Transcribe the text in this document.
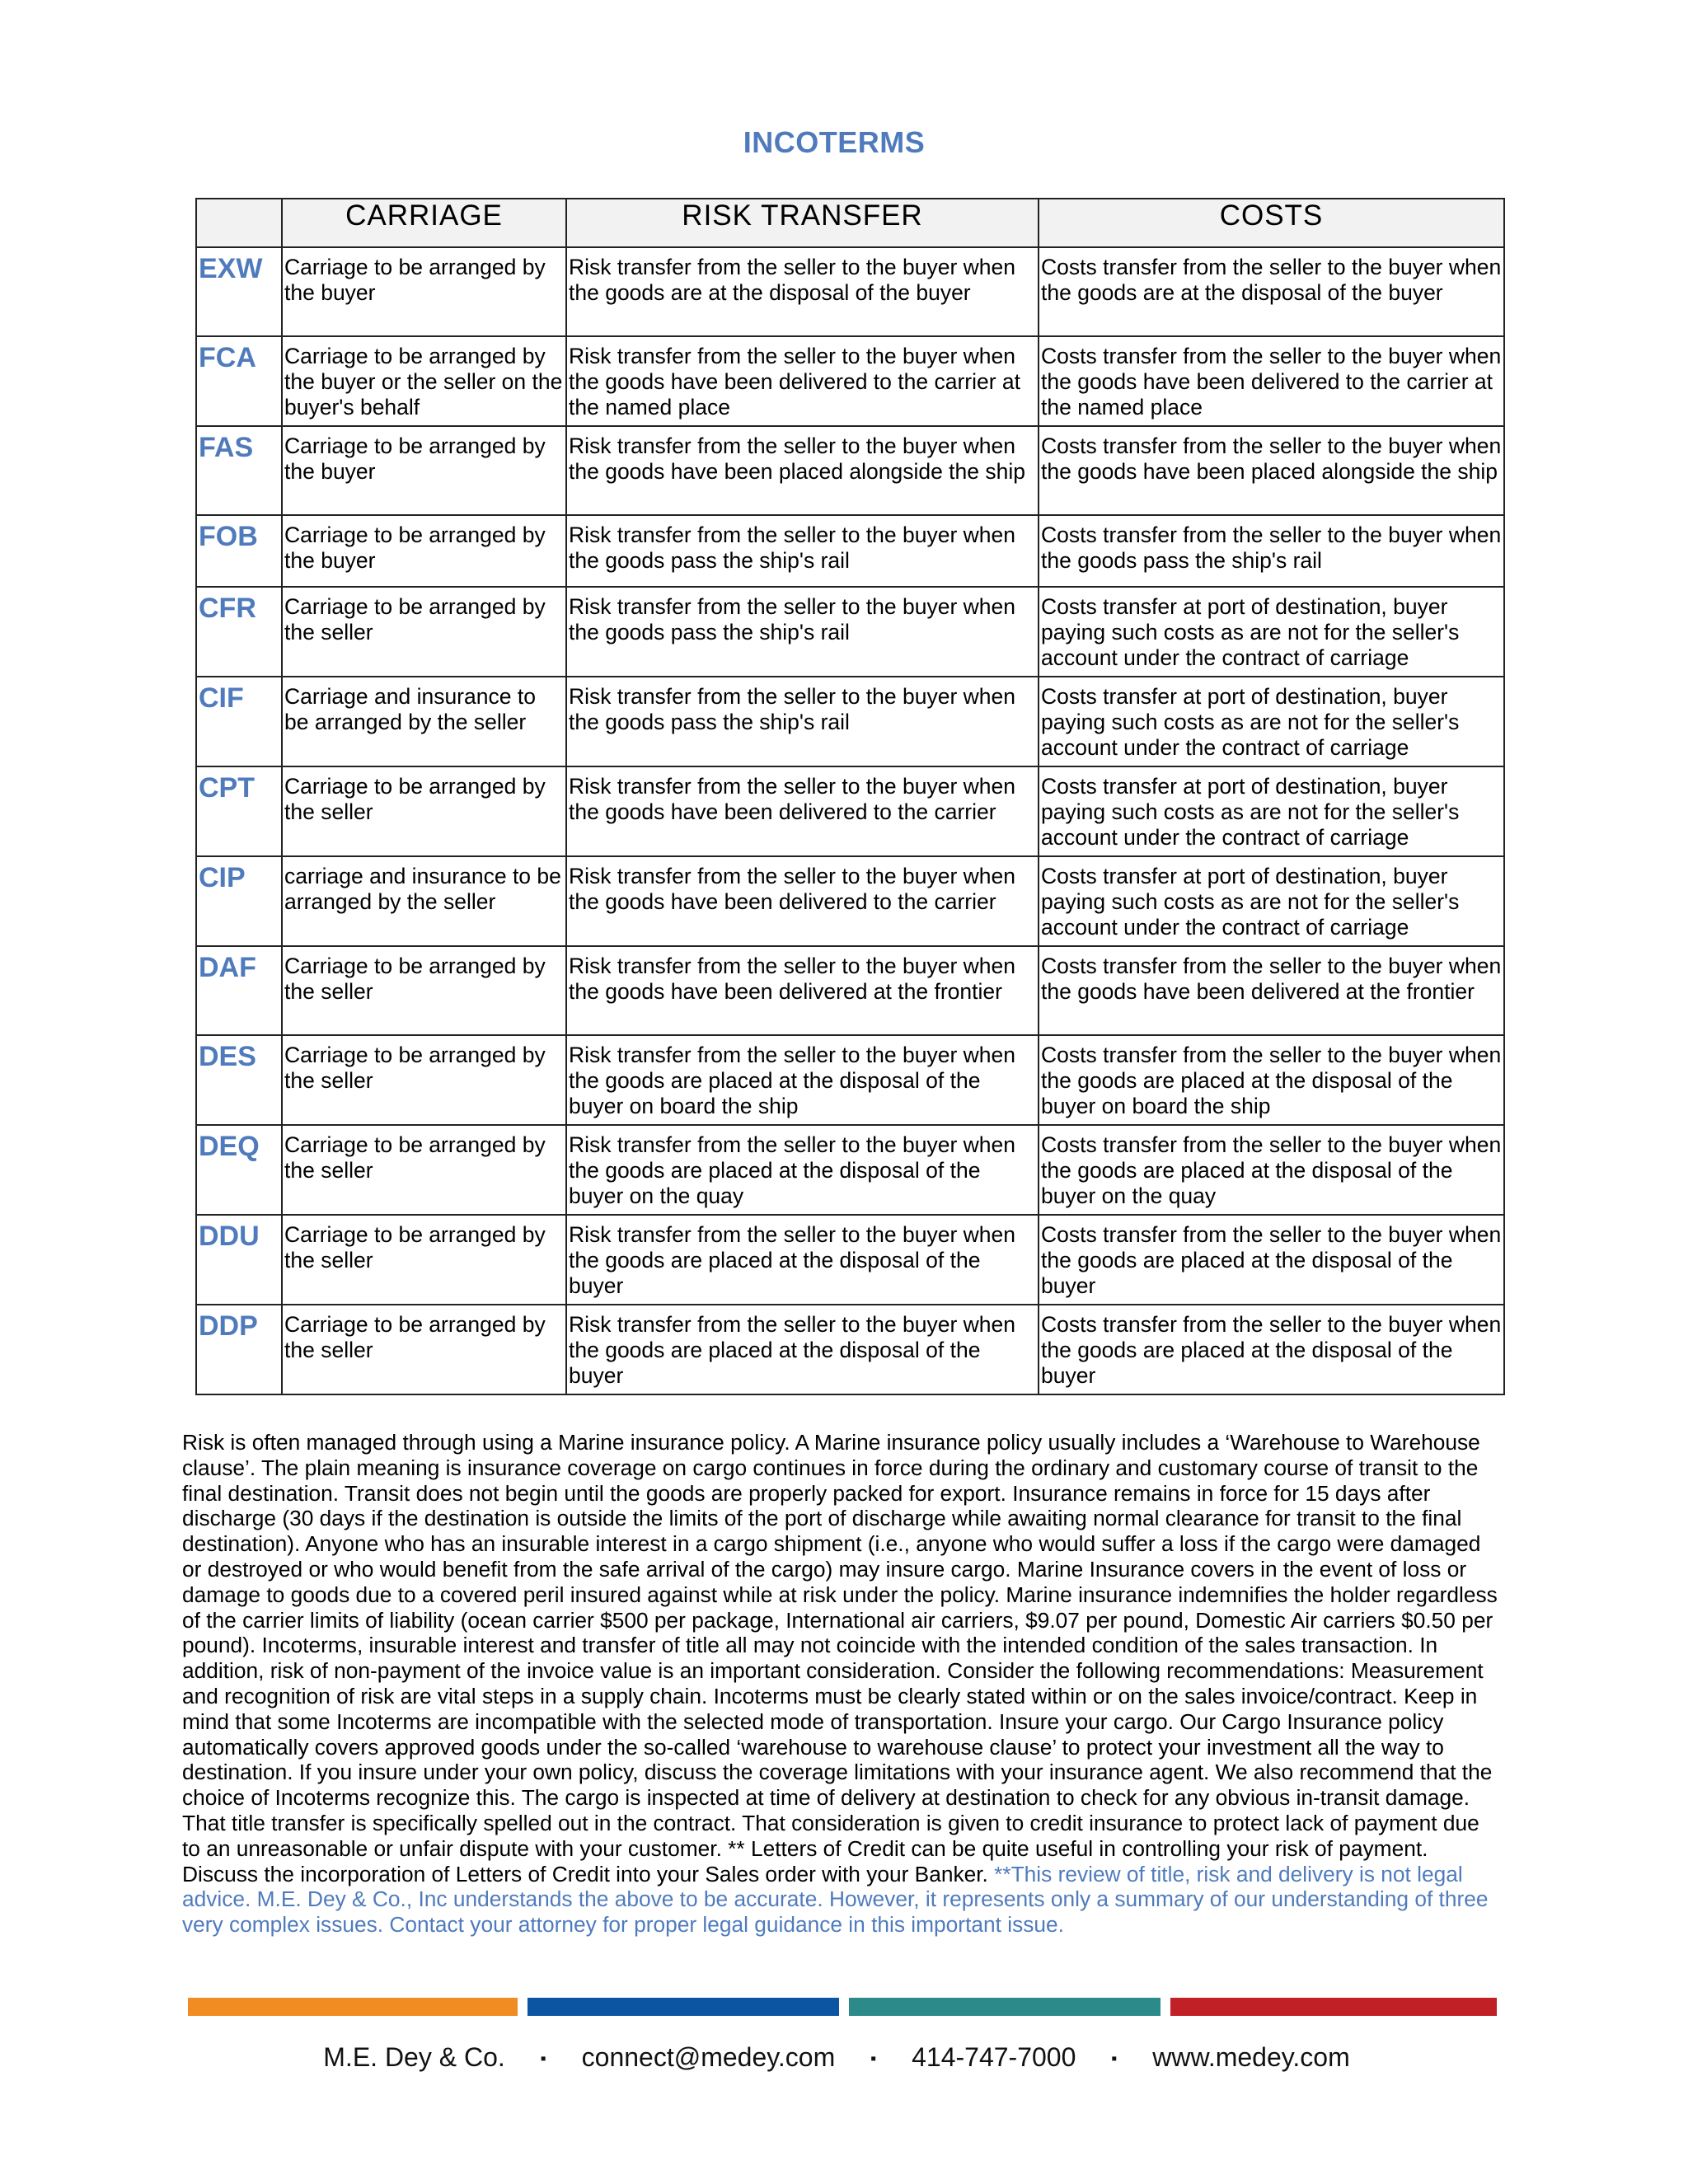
INCOTERMS
	CARRIAGE	RISK TRANSFER	COSTS
EXW	Carriage to be arranged by the buyer	Risk transfer from the seller to the buyer when the goods are at the disposal of the buyer	Costs transfer from the seller to the buyer when the goods are at the disposal of the buyer
FCA	Carriage to be arranged by the buyer or the seller on the buyer's behalf	Risk transfer from the seller to the buyer when the goods have been delivered to the carrier at the named place	Costs transfer from the seller to the buyer when the goods have been delivered to the carrier at the named place
FAS	Carriage to be arranged by the buyer	Risk transfer from the seller to the buyer when the goods have been placed alongside the ship	Costs transfer from the seller to the buyer when the goods have been placed alongside the ship
FOB	Carriage to be arranged by the buyer	Risk transfer from the seller to the buyer when the goods pass the ship's rail	Costs transfer from the seller to the buyer when the goods pass the ship's rail
CFR	Carriage to be arranged by the seller	Risk transfer from the seller to the buyer when the goods pass the ship's rail	Costs transfer at port of destination, buyer paying such costs as are not for the seller's account under the contract of carriage
CIF	Carriage and insurance to be arranged by the seller	Risk transfer from the seller to the buyer when the goods pass the ship's rail	Costs transfer at port of destination, buyer paying such costs as are not for the seller's account under the contract of carriage
CPT	Carriage to be arranged by the seller	Risk transfer from the seller to the buyer when the goods have been delivered to the carrier	Costs transfer at port of destination, buyer paying such costs as are not for the seller's account under the contract of carriage
CIP	carriage and insurance to be arranged by the seller	Risk transfer from the seller to the buyer when the goods have been delivered to the carrier	Costs transfer at port of destination, buyer paying such costs as are not for the seller's account under the contract of carriage
DAF	Carriage to be arranged by the seller	Risk transfer from the seller to the buyer when the goods have been delivered at the frontier	Costs transfer from the seller to the buyer when the goods have been delivered at the frontier
DES	Carriage to be arranged by the seller	Risk transfer from the seller to the buyer when the goods are placed at the disposal of the buyer on board the ship	Costs transfer from the seller to the buyer when the goods are placed at the disposal of the buyer on board the ship
DEQ	Carriage to be arranged by the seller	Risk transfer from the seller to the buyer when the goods are placed at the disposal of the buyer on the quay	Costs transfer from the seller to the buyer when the goods are placed at the disposal of the buyer on the quay
DDU	Carriage to be arranged by the seller	Risk transfer from the seller to the buyer when the goods are placed at the disposal of the buyer	Costs transfer from the seller to the buyer when the goods are placed at the disposal of the buyer
DDP	Carriage to be arranged by the seller	Risk transfer from the seller to the buyer when the goods are placed at the disposal of the buyer	Costs transfer from the seller to the buyer when the goods are placed at the disposal of the buyer
Risk is often managed through using a Marine insurance policy. A Marine insurance policy usually includes a ‘Warehouse to Warehouse clause’. The plain meaning is insurance coverage on cargo continues in force during the ordinary and customary course of transit to the final destination. Transit does not begin until the goods are properly packed for export. Insurance remains in force for 15 days after discharge (30 days if the destination is outside the limits of the port of discharge while awaiting normal clearance for transit to the final destination). Anyone who has an insurable interest in a cargo shipment (i.e., anyone who would suffer a loss if the cargo were damaged or destroyed or who would benefit from the safe arrival of the cargo) may insure cargo. Marine Insurance covers in the event of loss or damage to goods due to a covered peril insured against while at risk under the policy. Marine insurance indemnifies the holder regardless of the carrier limits of liability (ocean carrier $500 per package, International air carriers, $9.07 per pound, Domestic Air carriers $0.50 per pound). Incoterms, insurable interest and transfer of title all may not coincide with the intended condition of the sales transaction. In addition, risk of non-payment of the invoice value is an important consideration. Consider the following recommendations: Measurement and recognition of risk are vital steps in a supply chain. Incoterms must be clearly stated within or on the sales invoice/contract. Keep in mind that some Incoterms are incompatible with the selected mode of transportation. Insure your cargo. Our Cargo Insurance policy automatically covers approved goods under the so-called ‘warehouse to warehouse clause’ to protect your investment all the way to destination. If you insure under your own policy, discuss the coverage limitations with your insurance agent. We also recommend that the choice of Incoterms recognize this. The cargo is inspected at time of delivery at destination to check for any obvious in-transit damage. That title transfer is specifically spelled out in the contract. That consideration is given to credit insurance to protect lack of payment due to an unreasonable or unfair dispute with your customer. ** Letters of Credit can be quite useful in controlling your risk of payment. Discuss the incorporation of Letters of Credit into your Sales order with your Banker. **This review of title, risk and delivery is not legal advice. M.E. Dey & Co., Inc understands the above to be accurate. However, it represents only a summary of our understanding of three very complex issues. Contact your attorney for proper legal guidance in this important issue.
M.E. Dey & Co. ▪ connect@medey.com ▪ 414-747-7000 ▪ www.medey.com
